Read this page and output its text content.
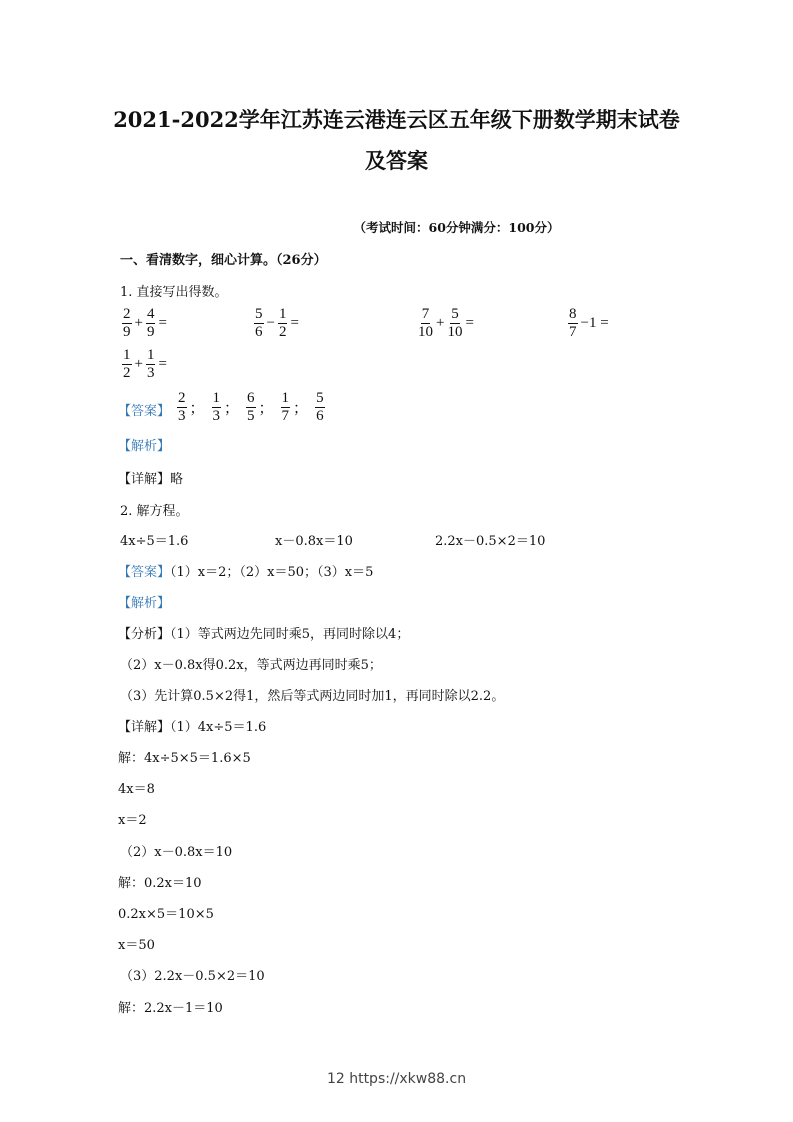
2021-2022学年江苏连云港连云区五年级下册数学期末试卷
及答案
（考试时间：60分钟满分：100分）
一、看清数字，细心计算。（26分）
1. 直接写出得数。
$\frac{2}{9} + \frac{4}{9}$ =	$\frac{5}{6} - \frac{1}{2}$ =	$\frac{7}{10} + \frac{5}{10}$ =	$\frac{8}{7} -1$ =
$\frac{1}{2} + \frac{1}{3}$ =
【答案】 $\frac{2}{3}$ ； $\frac{1}{3}$ ； $\frac{6}{5}$ ； $\frac{1}{7}$ ； $\frac{5}{6}$
【解析】
【详解】略
2. 解方程。
4x÷5＝1.6	x－0.8x＝10	2.2x－0.5×2＝10
【答案】（1）x＝2；（2）x＝50；（3）x＝5
【解析】
【分析】（1）等式两边先同时乘5，再同时除以4；
（2）x－0.8x得0.2x，等式两边再同时乘5；
（3）先计算0.5×2得1，然后等式两边同时加1，再同时除以2.2。
【详解】（1）4x÷5＝1.6
解：4x÷5×5＝1.6×5
4x＝8
x＝2
（2）x－0.8x＝10
解：0.2x＝10
0.2x×5＝10×5
x＝50
（3）2.2x－0.5×2＝10
解：2.2x－1＝10
12 https://xkw88.cn
